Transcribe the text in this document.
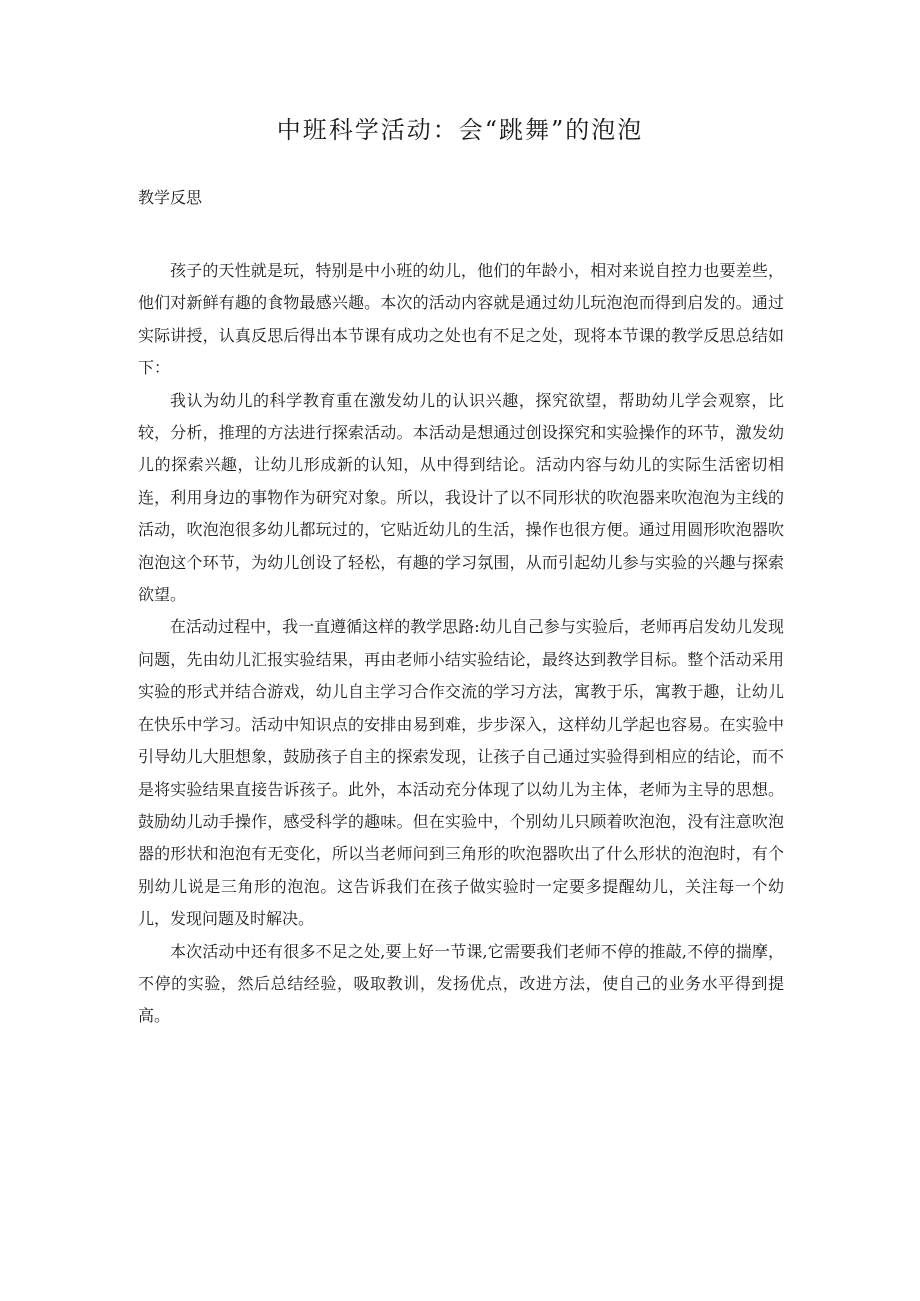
中班科学活动：会“跳舞”的泡泡
教学反思

孩子的天性就是玩，特别是中小班的幼儿，他们的年龄小，相对来说自控力也要差些，他们对新鲜有趣的食物最感兴趣。本次的活动内容就是通过幼儿玩泡泡而得到启发的。通过实际讲授，认真反思后得出本节课有成功之处也有不足之处，现将本节课的教学反思总结如下：

我认为幼儿的科学教育重在激发幼儿的认识兴趣，探究欲望，帮助幼儿学会观察，比较，分析，推理的方法进行探索活动。本活动是想通过创设探究和实验操作的环节，激发幼儿的探索兴趣，让幼儿形成新的认知，从中得到结论。活动内容与幼儿的实际生活密切相连，利用身边的事物作为研究对象。所以，我设计了以不同形状的吹泡器来吹泡泡为主线的活动，吹泡泡很多幼儿都玩过的，它贴近幼儿的生活，操作也很方便。通过用圆形吹泡器吹泡泡这个环节，为幼儿创设了轻松，有趣的学习氛围，从而引起幼儿参与实验的兴趣与探索欲望。

在活动过程中，我一直遵循这样的教学思路:幼儿自己参与实验后，老师再启发幼儿发现问题，先由幼儿汇报实验结果，再由老师小结实验结论，最终达到教学目标。整个活动采用实验的形式并结合游戏，幼儿自主学习合作交流的学习方法，寓教于乐，寓教于趣，让幼儿在快乐中学习。活动中知识点的安排由易到难，步步深入，这样幼儿学起也容易。在实验中引导幼儿大胆想象，鼓励孩子自主的探索发现，让孩子自己通过实验得到相应的结论，而不是将实验结果直接告诉孩子。此外，本活动充分体现了以幼儿为主体，老师为主导的思想。鼓励幼儿动手操作，感受科学的趣味。但在实验中，个别幼儿只顾着吹泡泡，没有注意吹泡器的形状和泡泡有无变化，所以当老师问到三角形的吹泡器吹出了什么形状的泡泡时，有个别幼儿说是三角形的泡泡。这告诉我们在孩子做实验时一定要多提醒幼儿，关注每一个幼儿，发现问题及时解决。

本次活动中还有很多不足之处,要上好一节课,它需要我们老师不停的推敲,不停的揣摩，不停的实验，然后总结经验，吸取教训，发扬优点，改进方法，使自己的业务水平得到提高。
